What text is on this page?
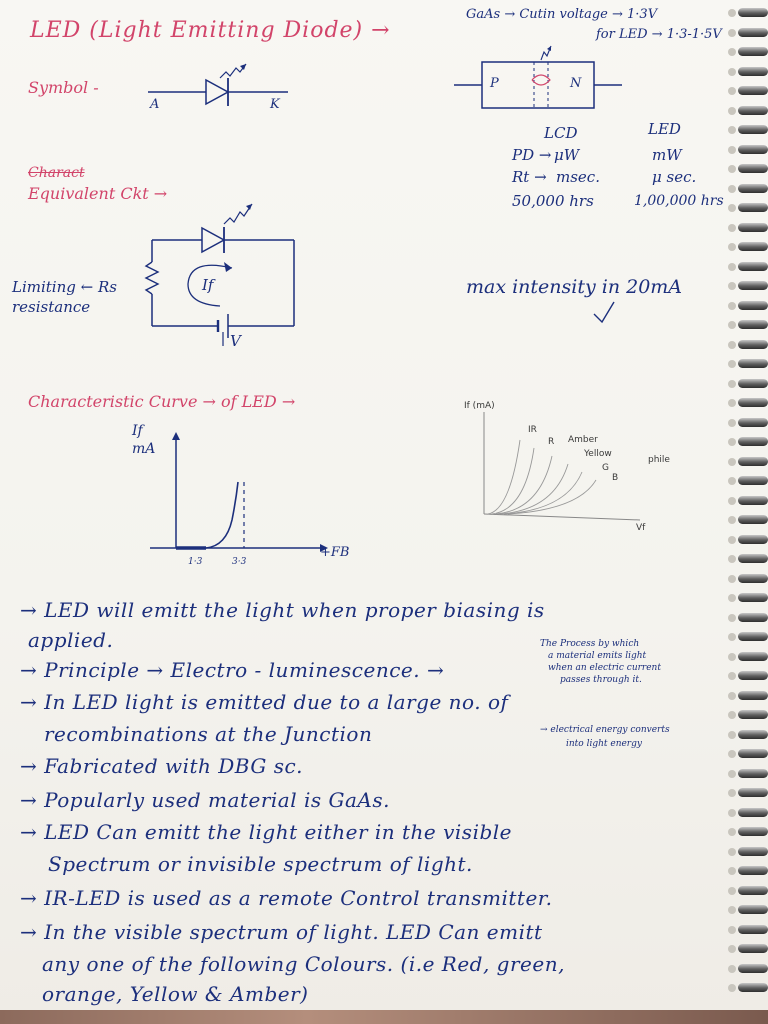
LED (Light Emitting Diode) →
GaAs → Cutin voltage → 1·3V
for LED → 1·3-1·5V
Symbol -
A	K
P	N
LCD	LED
PD → μW	mW
Rt → msec.	μ sec.
50,000 hrs	1,00,000 hrs
Charact
Equivalent Ckt →
Limiting ← Rs
resistance
If
V
max intensity in 20mA
Characteristic Curve → of LED →
If
mA
1·3	3·3
+FB
If (mA)
IR
R Amber
Yellow
G
B
phile
Vf
→ LED will emitt the light when proper biasing is
applied.
→ Principle → Electro - luminescence. →
→ In LED light is emitted due to a large no. of
recombinations at the Junction
→ Fabricated with DBG sc.
→ Popularly used material is GaAs.
→ LED Can emitt the light either in the visible
Spectrum or invisible spectrum of light.
→ IR-LED is used as a remote Control transmitter.
→ In the visible spectrum of light. LED Can emitt
any one of the following Colours. (i.e Red, green,
orange, Yellow & Amber)
The Process by which
a material emits light
when an electric current
passes through it.
→ electrical energy converts
into light energy
